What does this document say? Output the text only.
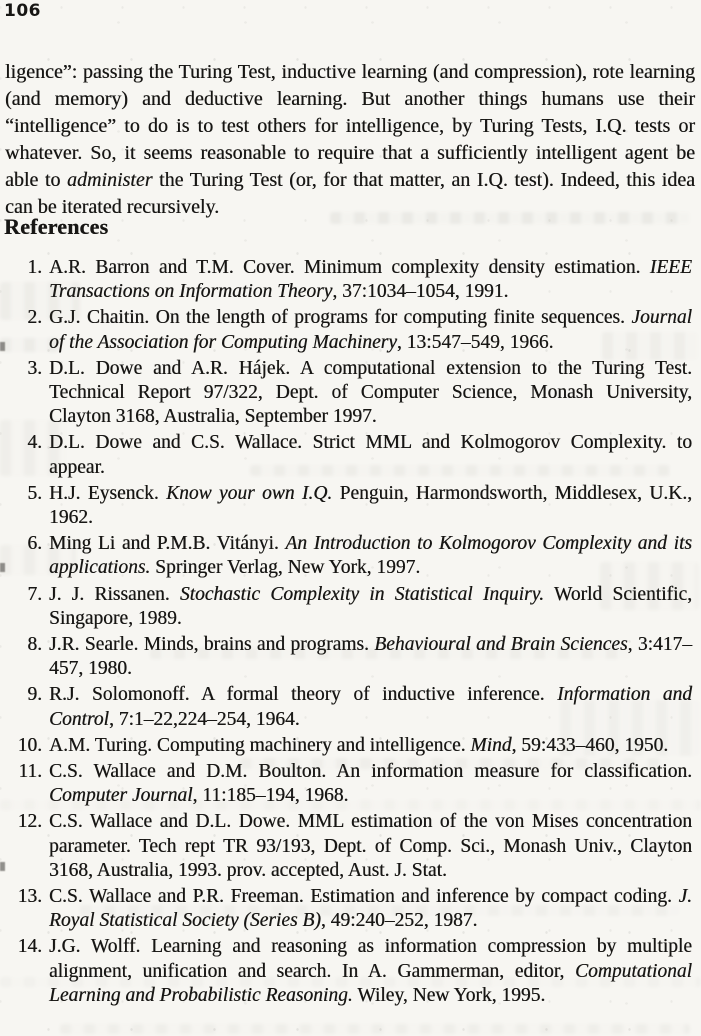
106

ligence”: passing the Turing Test, inductive learning (and compression), rote learning (and memory) and deductive learning. But another things humans use their “intelligence” to do is to test others for intelligence, by Turing Tests, I.Q. tests or whatever. So, it seems reasonable to require that a sufficiently intelligent agent be able to administer the Turing Test (or, for that matter, an I.Q. test). Indeed, this idea can be iterated recursively.

References
1. A.R. Barron and T.M. Cover. Minimum complexity density estimation. IEEE Transactions on Information Theory, 37:1034–1054, 1991.
2. G.J. Chaitin. On the length of programs for computing finite sequences. Journal of the Association for Computing Machinery, 13:547–549, 1966.
3. D.L. Dowe and A.R. Hájek. A computational extension to the Turing Test. Technical Report 97/322, Dept. of Computer Science, Monash University, Clayton 3168, Australia, September 1997.
4. D.L. Dowe and C.S. Wallace. Strict MML and Kolmogorov Complexity. to appear.
5. H.J. Eysenck. Know your own I.Q. Penguin, Harmondsworth, Middlesex, U.K., 1962.
6. Ming Li and P.M.B. Vitányi. An Introduction to Kolmogorov Complexity and its applications. Springer Verlag, New York, 1997.
7. J. J. Rissanen. Stochastic Complexity in Statistical Inquiry. World Scientific, Singapore, 1989.
8. J.R. Searle. Minds, brains and programs. Behavioural and Brain Sciences, 3:417–457, 1980.
9. R.J. Solomonoff. A formal theory of inductive inference. Information and Control, 7:1–22,224–254, 1964.
10. A.M. Turing. Computing machinery and intelligence. Mind, 59:433–460, 1950.
11. C.S. Wallace and D.M. Boulton. An information measure for classification. Computer Journal, 11:185–194, 1968.
12. C.S. Wallace and D.L. Dowe. MML estimation of the von Mises concentration parameter. Tech rept TR 93/193, Dept. of Comp. Sci., Monash Univ., Clayton 3168, Australia, 1993. prov. accepted, Aust. J. Stat.
13. C.S. Wallace and P.R. Freeman. Estimation and inference by compact coding. J. Royal Statistical Society (Series B), 49:240–252, 1987.
14. J.G. Wolff. Learning and reasoning as information compression by multiple alignment, unification and search. In A. Gammerman, editor, Computational Learning and Probabilistic Reasoning. Wiley, New York, 1995.
